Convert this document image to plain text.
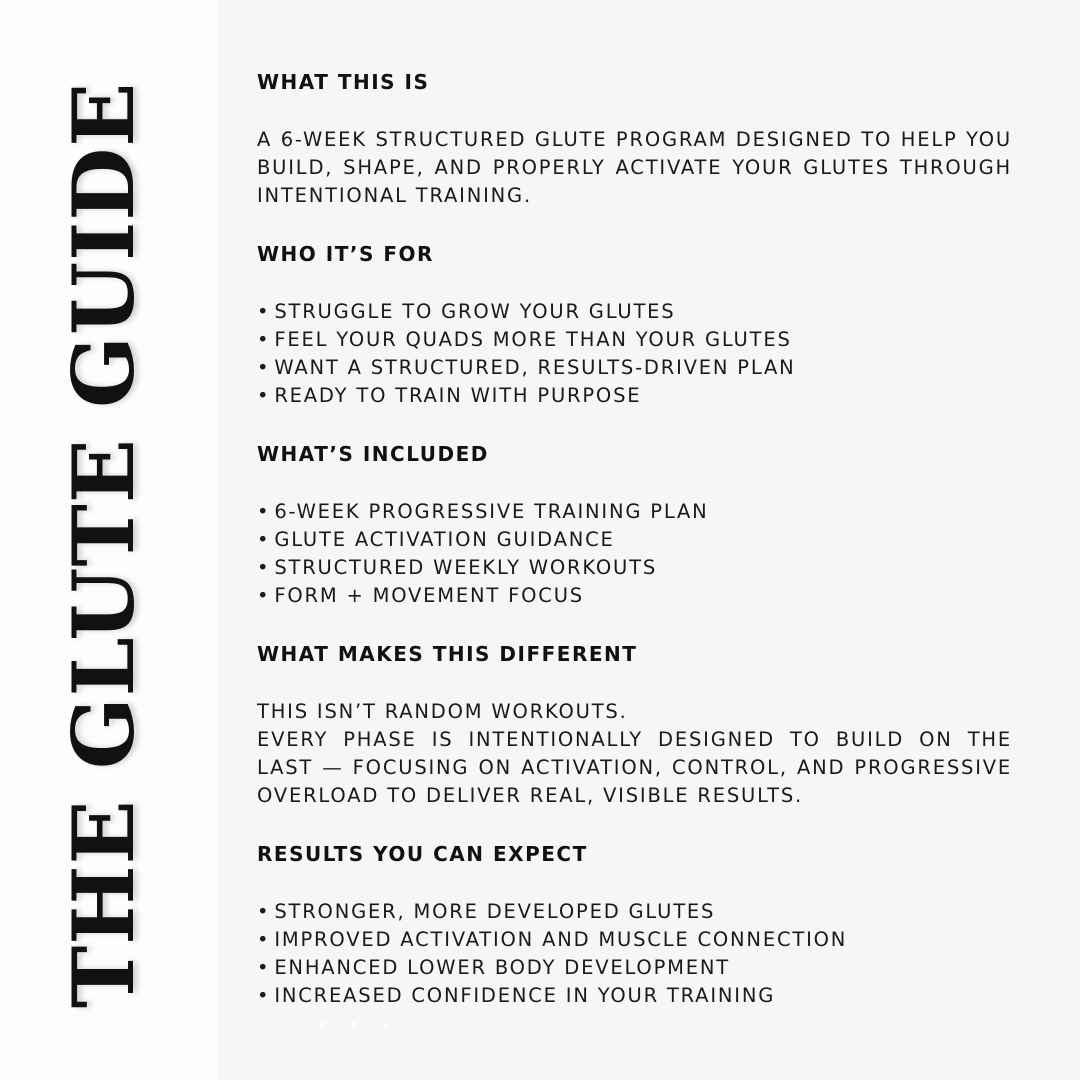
THE GLUTE GUIDE	WHAT THIS IS

A 6-WEEK STRUCTURED GLUTE PROGRAM DESIGNED TO HELP YOU BUILD, SHAPE, AND PROPERLY ACTIVATE YOUR GLUTES THROUGH INTENTIONAL TRAINING.

WHO IT’S FOR
• STRUGGLE TO GROW YOUR GLUTES
• FEEL YOUR QUADS MORE THAN YOUR GLUTES
• WANT A STRUCTURED, RESULTS-DRIVEN PLAN
• READY TO TRAIN WITH PURPOSE
WHAT’S INCLUDED
• 6-WEEK PROGRESSIVE TRAINING PLAN
• GLUTE ACTIVATION GUIDANCE
• STRUCTURED WEEKLY WORKOUTS
• FORM + MOVEMENT FOCUS
WHAT MAKES THIS DIFFERENT

THIS ISN’T RANDOM WORKOUTS.

EVERY PHASE IS INTENTIONALLY DESIGNED TO BUILD ON THE LAST — FOCUSING ON ACTIVATION, CONTROL, AND PROGRESSIVE OVERLOAD TO DELIVER REAL, VISIBLE RESULTS.

RESULTS YOU CAN EXPECT
• STRONGER, MORE DEVELOPED GLUTES
• IMPROVED ACTIVATION AND MUSCLE CONNECTION
• ENHANCED LOWER BODY DEVELOPMENT
• INCREASED CONFIDENCE IN YOUR TRAINING
